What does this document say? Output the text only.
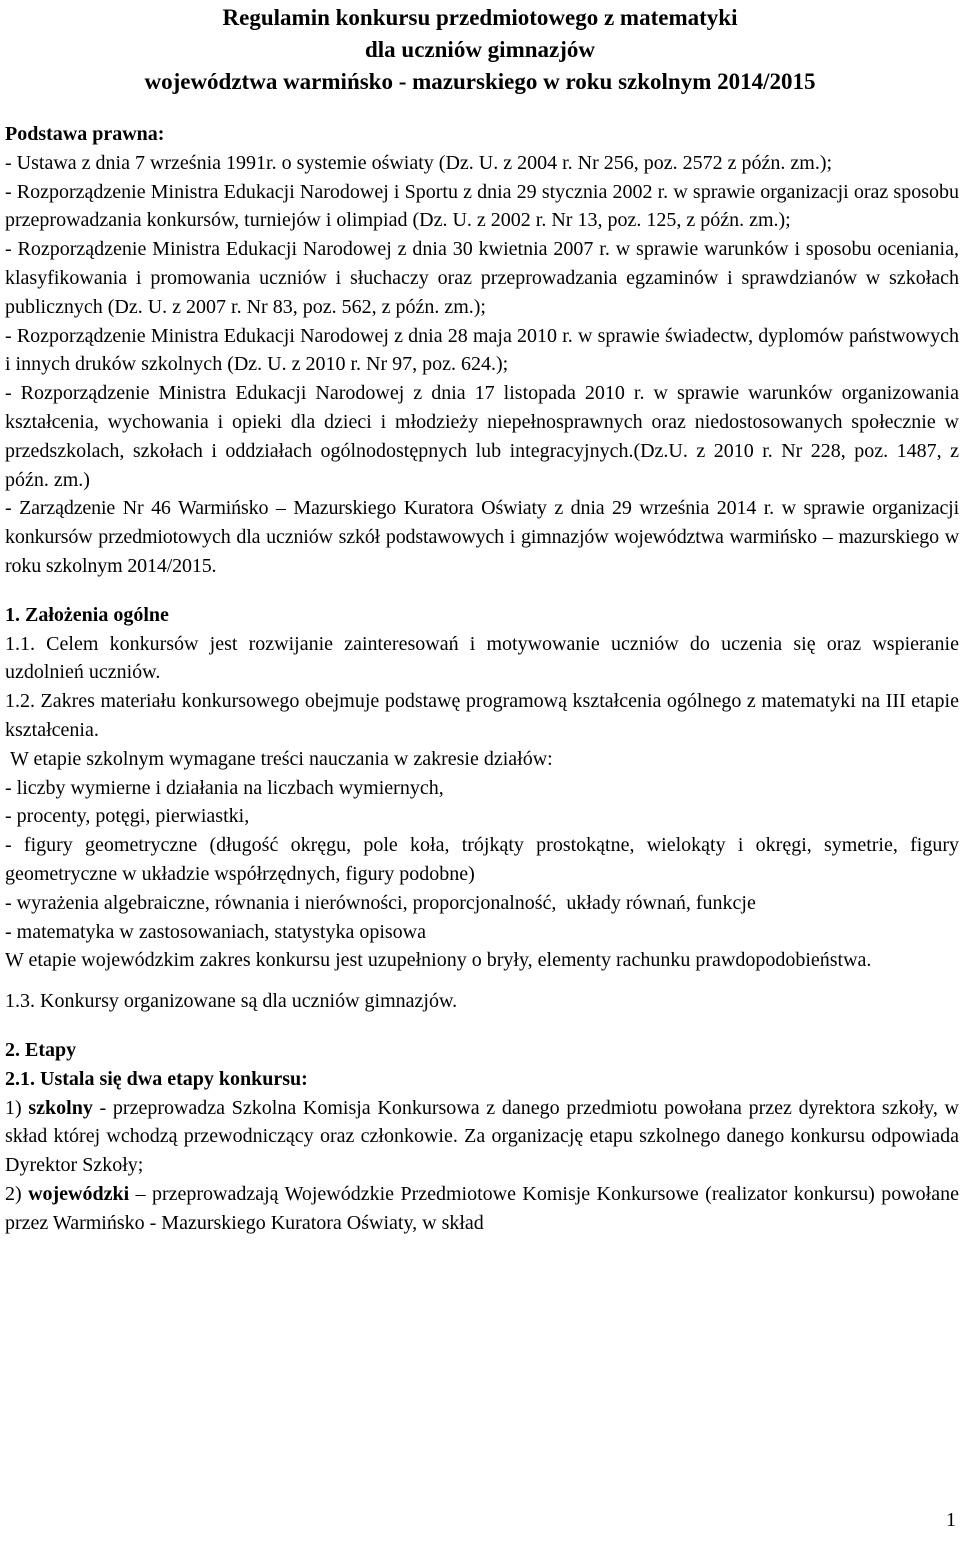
Regulamin konkursu przedmiotowego z matematyki
dla uczniów gimnazjów
województwa warmińsko - mazurskiego w roku szkolnym 2014/2015

Podstawa prawna:

- Ustawa z dnia 7 września 1991r. o systemie oświaty (Dz. U. z 2004 r. Nr 256, poz. 2572 z późn. zm.);

- Rozporządzenie Ministra Edukacji Narodowej i Sportu z dnia 29 stycznia 2002 r. w sprawie organizacji oraz sposobu przeprowadzania konkursów, turniejów i olimpiad (Dz. U. z 2002 r. Nr 13, poz. 125, z późn. zm.);

- Rozporządzenie Ministra Edukacji Narodowej z dnia 30 kwietnia 2007 r. w sprawie warunków i sposobu oceniania, klasyfikowania i promowania uczniów i słuchaczy oraz przeprowadzania egzaminów i sprawdzianów w szkołach publicznych (Dz. U. z 2007 r. Nr 83, poz. 562, z późn. zm.);

- Rozporządzenie Ministra Edukacji Narodowej z dnia 28 maja 2010 r. w sprawie świadectw, dyplomów państwowych i innych druków szkolnych (Dz. U. z 2010 r. Nr 97, poz. 624.);

- Rozporządzenie Ministra Edukacji Narodowej z dnia 17 listopada 2010 r. w sprawie warunków organizowania kształcenia, wychowania i opieki dla dzieci i młodzieży niepełnosprawnych oraz niedostosowanych społecznie w przedszkolach, szkołach i oddziałach ogólnodostępnych lub integracyjnych.(Dz.U. z 2010 r. Nr 228, poz. 1487, z późn. zm.)

- Zarządzenie Nr 46 Warmińsko – Mazurskiego Kuratora Oświaty z dnia 29 września 2014 r. w sprawie organizacji konkursów przedmiotowych dla uczniów szkół podstawowych i gimnazjów województwa warmińsko – mazurskiego w roku szkolnym 2014/2015.

1. Założenia ogólne

1.1. Celem konkursów jest rozwijanie zainteresowań i motywowanie uczniów do uczenia się oraz wspieranie uzdolnień uczniów.

1.2. Zakres materiału konkursowego obejmuje podstawę programową kształcenia ogólnego z matematyki na III etapie kształcenia.

W etapie szkolnym wymagane treści nauczania w zakresie działów:

- liczby wymierne i działania na liczbach wymiernych,

- procenty, potęgi, pierwiastki,

- figury geometryczne (długość okręgu, pole koła, trójkąty prostokątne, wielokąty i okręgi, symetrie, figury geometryczne w układzie współrzędnych, figury podobne)

- wyrażenia algebraiczne, równania i nierówności, proporcjonalność,  układy równań, funkcje

- matematyka w zastosowaniach, statystyka opisowa

W etapie wojewódzkim zakres konkursu jest uzupełniony o bryły, elementy rachunku prawdopodobieństwa.

1.3. Konkursy organizowane są dla uczniów gimnazjów.

2. Etapy

2.1. Ustala się dwa etapy konkursu:

1) szkolny - przeprowadza Szkolna Komisja Konkursowa z danego przedmiotu powołana przez dyrektora szkoły, w skład której wchodzą przewodniczący oraz członkowie. Za organizację etapu szkolnego danego konkursu odpowiada Dyrektor Szkoły;

2) wojewódzki – przeprowadzają Wojewódzkie Przedmiotowe Komisje Konkursowe (realizator konkursu) powołane przez Warmińsko - Mazurskiego Kuratora Oświaty, w skład

1
